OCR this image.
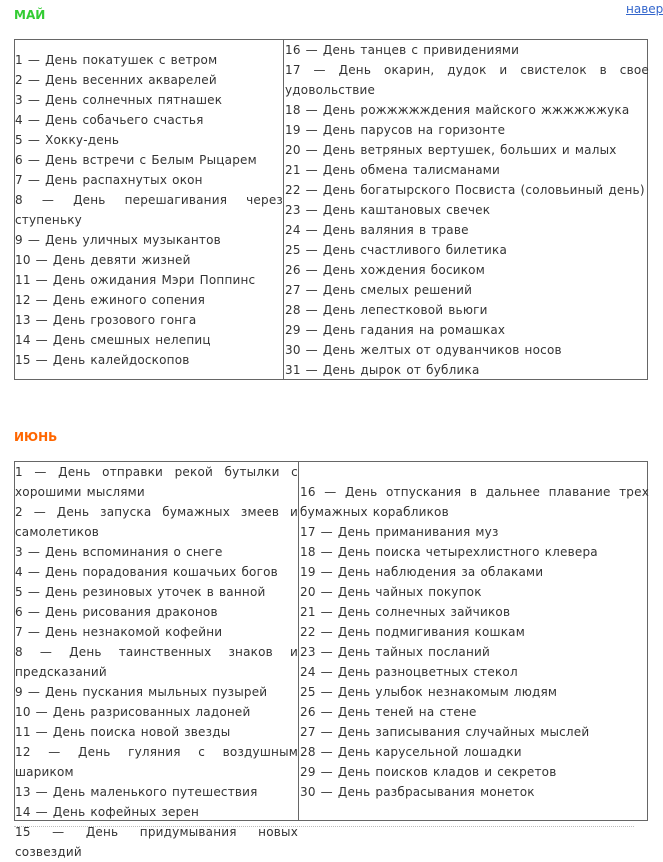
навер
МАЙ
1 — День покатушек с ветром
2 — День весенних акварелей
3 — День солнечных пятнашек
4 — День собачьего счастья
5 — Хокку-день
6 — День встречи с Белым Рыцарем
7 — День распахнутых окон
8 — День перешагивания через ступеньку
9 — День уличных музыкантов
10 — День девяти жизней
11 — День ожидания Мэри Поппинс
12 — День ежиного сопения
13 — День грозового гонга
14 — День смешных нелепиц
15 — День калейдоскопов
16 — День танцев с привидениями
17 — День окарин, дудок и свистелок в свое удовольствие
18 — День рожжжжждения майского жжжжжжука
19 — День парусов на горизонте
20 — День ветряных вертушек, больших и малых
21 — День обмена талисманами
22 — День богатырского Посвиста (соловьиный день)
23 — День каштановых свечек
24 — День валяния в траве
25 — День счастливого билетика
26 — День хождения босиком
27 — День смелых решений
28 — День лепестковой вьюги
29 — День гадания на ромашках
30 — День желтых от одуванчиков носов
31 — День дырок от бублика
ИЮНЬ
1 — День отправки рекой бутылки с хорошими мыслями
2 — День запуска бумажных змеев и самолетиков
3 — День вспоминания о снеге
4 — День порадования кошачьих богов
5 — День резиновых уточек в ванной
6 — День рисования драконов
7 — День незнакомой кофейни
8 — День таинственных знаков и предсказаний
9 — День пускания мыльных пузырей
10 — День разрисованных ладоней
11 — День поиска новой звезды
12 — День гуляния с воздушным шариком
13 — День маленького путешествия
14 — День кофейных зерен
15 — День придумывания новых созвездий
16 — День отпускания в дальнее плавание трех бумажных корабликов
17 — День приманивания муз
18 — День поиска четырехлистного клевера
19 — День наблюдения за облаками
20 — День чайных покупок
21 — День солнечных зайчиков
22 — День подмигивания кошкам
23 — День тайных посланий
24 — День разноцветных стекол
25 — День улыбок незнакомым людям
26 — День теней на стене
27 — День записывания случайных мыслей
28 — День карусельной лошадки
29 — День поисков кладов и секретов
30 — День разбрасывания монеток
